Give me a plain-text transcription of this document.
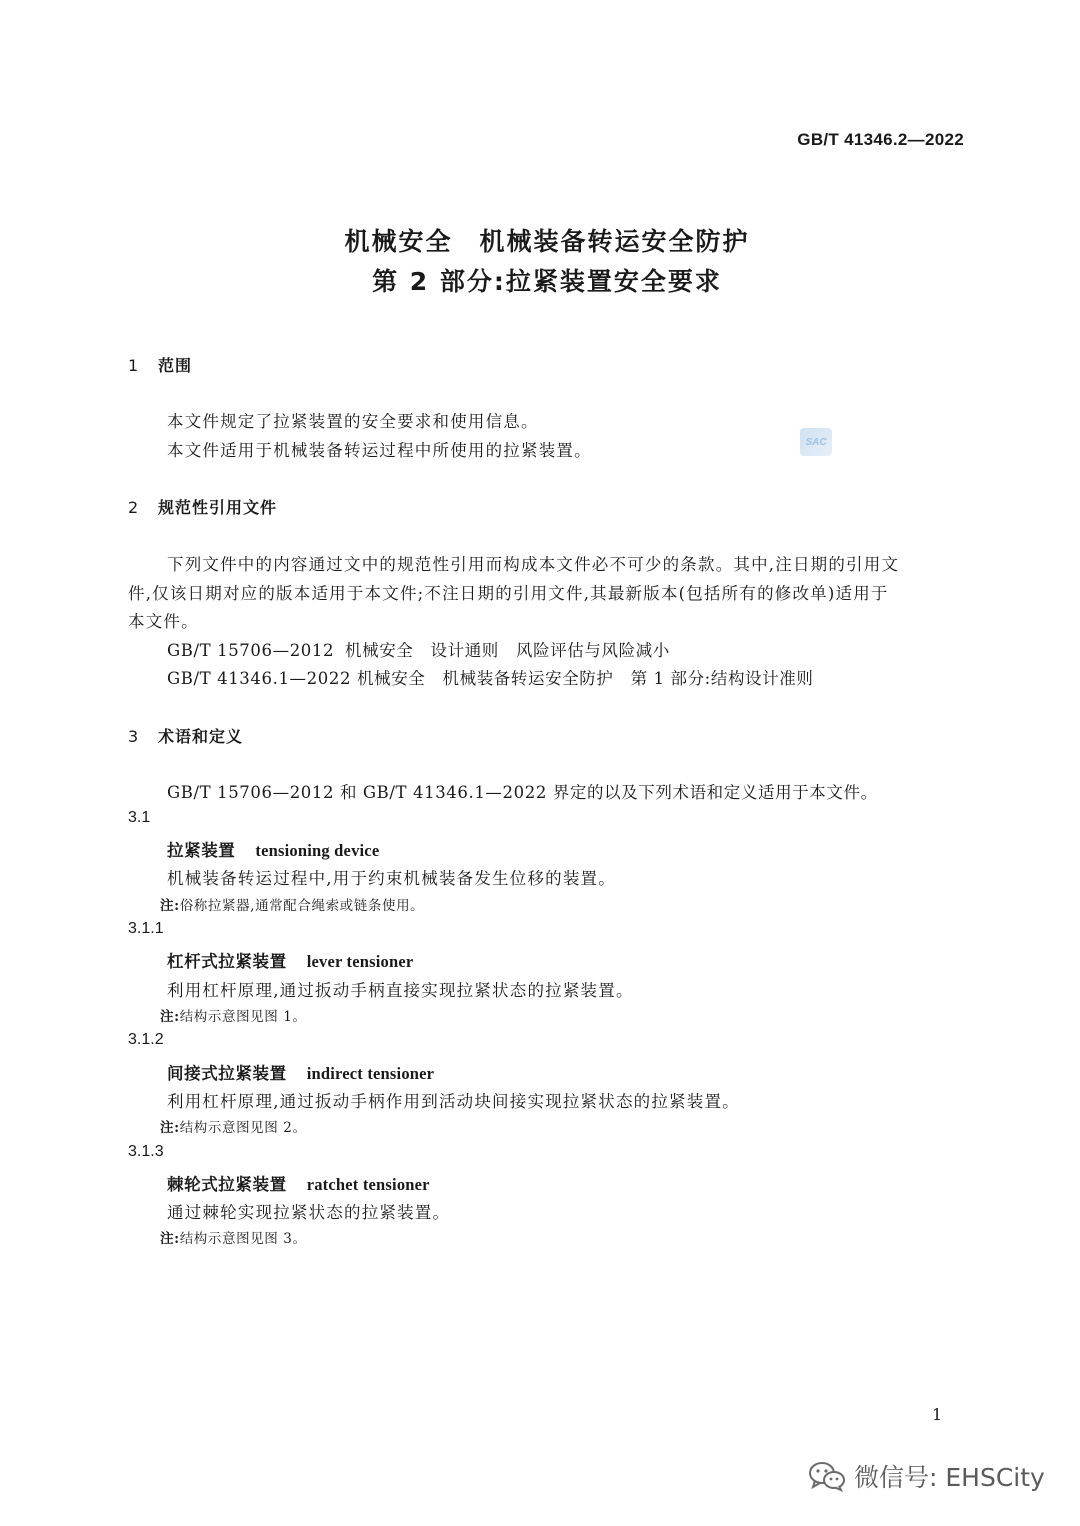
GB/T 41346.2—2022
机械安全　机械装备转运安全防护
第 2 部分:拉紧装置安全要求
1 范围
本文件规定了拉紧装置的安全要求和使用信息。
本文件适用于机械装备转运过程中所使用的拉紧装置。	SAC
2 规范性引用文件
下列文件中的内容通过文中的规范性引用而构成本文件必不可少的条款。其中,注日期的引用文
件,仅该日期对应的版本适用于本文件;不注日期的引用文件,其最新版本(包括所有的修改单)适用于
本文件。
GB/T 15706—2012 机械安全　设计通则　风险评估与风险减小
GB/T 41346.1—2022 机械安全　机械装备转运安全防护　第 1 部分:结构设计准则
3 术语和定义
GB/T 15706—2012 和 GB/T 41346.1—2022 界定的以及下列术语和定义适用于本文件。
3.1
拉紧装置 tensioning device
机械装备转运过程中,用于约束机械装备发生位移的装置。
注:俗称拉紧器,通常配合绳索或链条使用。
3.1.1
杠杆式拉紧装置 lever tensioner
利用杠杆原理,通过扳动手柄直接实现拉紧状态的拉紧装置。
注:结构示意图见图 1。
3.1.2
间接式拉紧装置 indirect tensioner
利用杠杆原理,通过扳动手柄作用到活动块间接实现拉紧状态的拉紧装置。
注:结构示意图见图 2。
3.1.3
棘轮式拉紧装置 ratchet tensioner
通过棘轮实现拉紧状态的拉紧装置。
注:结构示意图见图 3。
1
微信号: EHSCity
